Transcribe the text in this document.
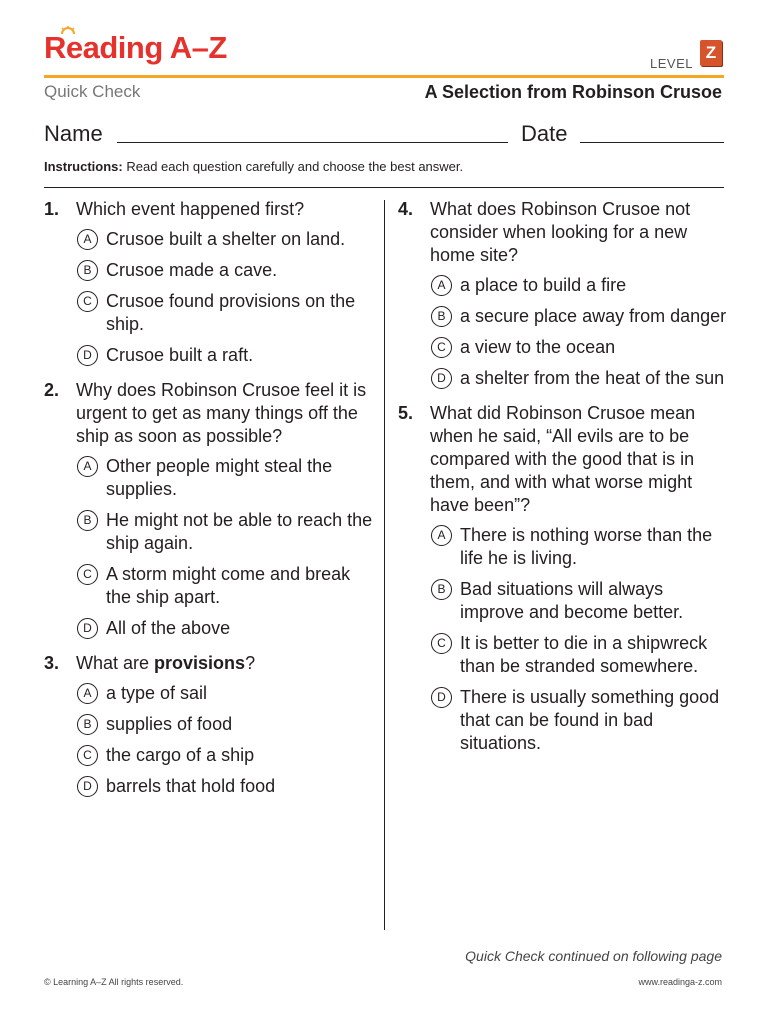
Reading A–Z	LEVEL
Z
Quick Check	A Selection from Robinson Crusoe
Name	Date
Instructions: Read each question carefully and choose the best answer.
1. Which event happened first?
A Crusoe built a shelter on land.
B Crusoe made a cave.
C Crusoe found provisions on the ship.
D Crusoe built a raft.
2. Why does Robinson Crusoe feel it is urgent to get as many things off the ship as soon as possible?
A Other people might steal the supplies.
B He might not be able to reach the ship again.
C A storm might come and break the ship apart.
D All of the above
3. What are provisions?
A a type of sail
B supplies of food
C the cargo of a ship
D barrels that hold food
4. What does Robinson Crusoe not consider when looking for a new home site?
A a place to build a fire
B a secure place away from danger
C a view to the ocean
D a shelter from the heat of the sun
5. What did Robinson Crusoe mean when he said, “All evils are to be compared with the good that is in them, and with what worse might have been”?
A There is nothing worse than the life he is living.
B Bad situations will always improve and become better.
C It is better to die in a shipwreck than be stranded somewhere.
D There is usually something good that can be found in bad situations.
Quick Check continued on following page
© Learning A–Z All rights reserved.	www.readinga-z.com
